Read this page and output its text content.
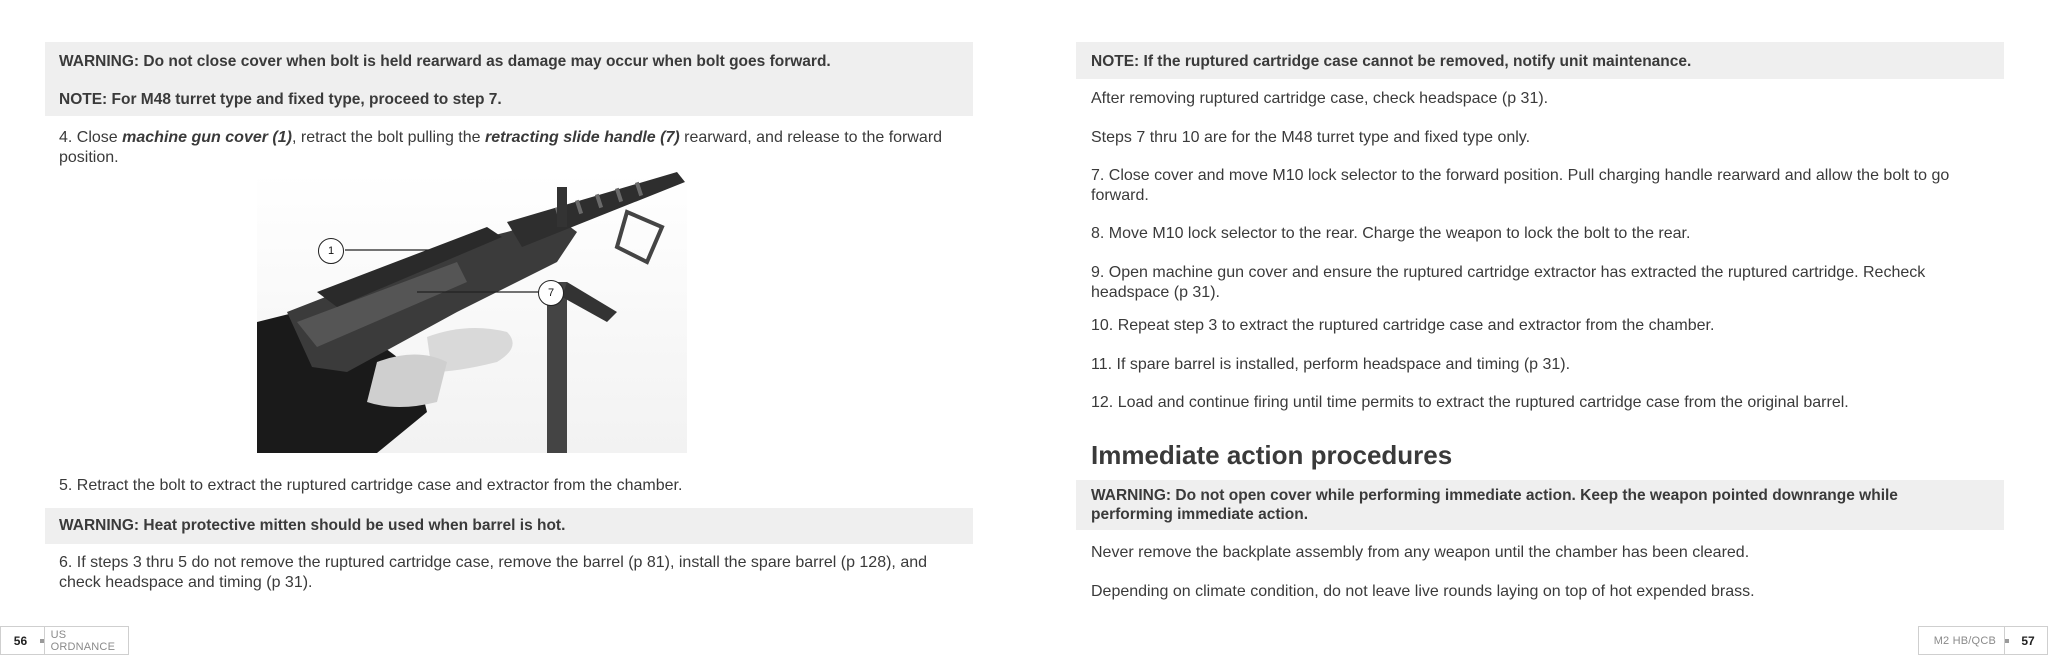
WARNING: Do not close cover when bolt is held rearward as damage may occur when bolt goes forward.
NOTE: For M48 turret type and fixed type, proceed to step 7.
4. Close machine gun cover (1), retract the bolt pulling the retracting slide handle (7) rearward, and release to the forward position.
1
7
5. Retract the bolt to extract the ruptured cartridge case and extractor from the chamber.
WARNING: Heat protective mitten should be used when barrel is hot.
6. If steps 3 thru 5 do not remove the ruptured cartridge case, remove the barrel (p 81), install the spare barrel (p 128), and check headspace and timing (p 31).
56	US ORDNANCE
NOTE: If the ruptured cartridge case cannot be removed, notify unit maintenance.
After removing ruptured cartridge case, check headspace (p 31).
Steps 7 thru 10 are for the M48 turret type and fixed type only.
7. Close cover and move M10 lock selector to the forward position. Pull charging handle rearward and allow the bolt to go forward.
8. Move M10 lock selector to the rear. Charge the weapon to lock the bolt to the rear.
9. Open machine gun cover and ensure the ruptured cartridge extractor has extracted the ruptured cartridge. Recheck headspace (p 31).
10. Repeat step 3 to extract the ruptured cartridge case and extractor from the chamber.
11. If spare barrel is installed, perform headspace and timing (p 31).
12. Load and continue firing until time permits to extract the ruptured cartridge case from the original barrel.
Immediate action procedures
WARNING: Do not open cover while performing immediate action. Keep the weapon pointed downrange while performing immediate action.
Never remove the backplate assembly from any weapon until the chamber has been cleared.
Depending on climate condition, do not leave live rounds laying on top of hot expended brass.
M2 HB/QCB	57
